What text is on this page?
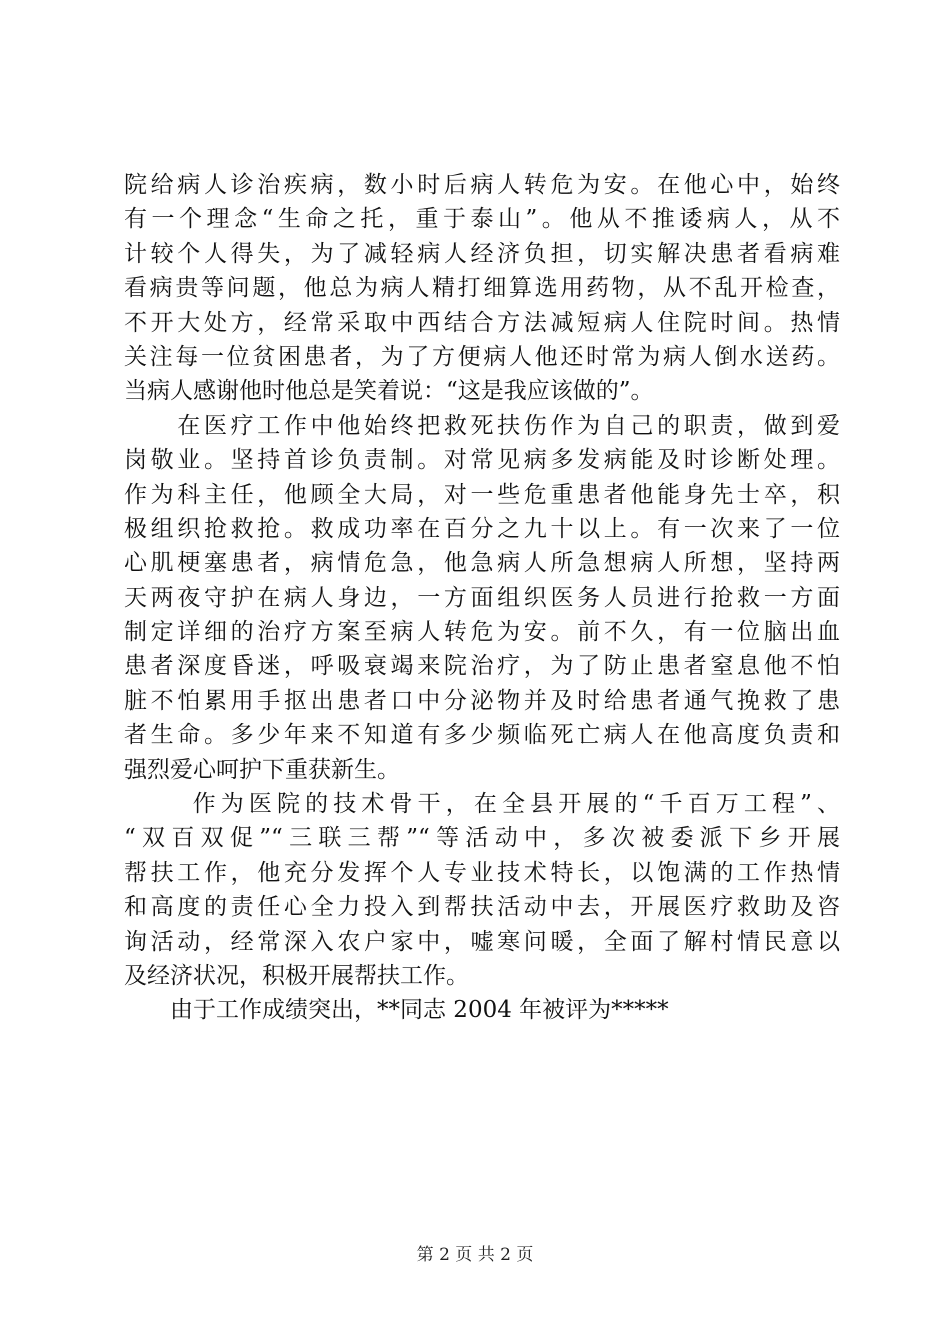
院给病人诊治疾病，数小时后病人转危为安。在他心中，始终
有一个理念“生命之托，重于泰山”。他从不推诿病人，从不
计较个人得失，为了减轻病人经济负担，切实解决患者看病难
看病贵等问题，他总为病人精打细算选用药物，从不乱开检查，
不开大处方，经常采取中西结合方法减短病人住院时间。热情
关注每一位贫困患者，为了方便病人他还时常为病人倒水送药。
当病人感谢他时他总是笑着说：“这是我应该做的”。
　　在医疗工作中他始终把救死扶伤作为自己的职责，做到爱
岗敬业。坚持首诊负责制。对常见病多发病能及时诊断处理。
作为科主任，他顾全大局，对一些危重患者他能身先士卒，积
极组织抢救抢。救成功率在百分之九十以上。有一次来了一位
心肌梗塞患者，病情危急，他急病人所急想病人所想，坚持两
天两夜守护在病人身边，一方面组织医务人员进行抢救一方面
制定详细的治疗方案至病人转危为安。前不久，有一位脑出血
患者深度昏迷，呼吸衰竭来院治疗，为了防止患者窒息他不怕
脏不怕累用手抠出患者口中分泌物并及时给患者通气挽救了患
者生命。多少年来不知道有多少频临死亡病人在他高度负责和
强烈爱心呵护下重获新生。
　　 作为医院的技术骨干，在全县开展的“千百万工程”、
“双百双促”“三联三帮”“等活动中，多次被委派下乡开展
帮扶工作，他充分发挥个人专业技术特长，以饱满的工作热情
和高度的责任心全力投入到帮扶活动中去，开展医疗救助及咨
询活动，经常深入农户家中，嘘寒问暖，全面了解村情民意以
及经济状况，积极开展帮扶工作。
　　由于工作成绩突出，**同志 2004 年被评为*****
第 2 页 共 2 页
